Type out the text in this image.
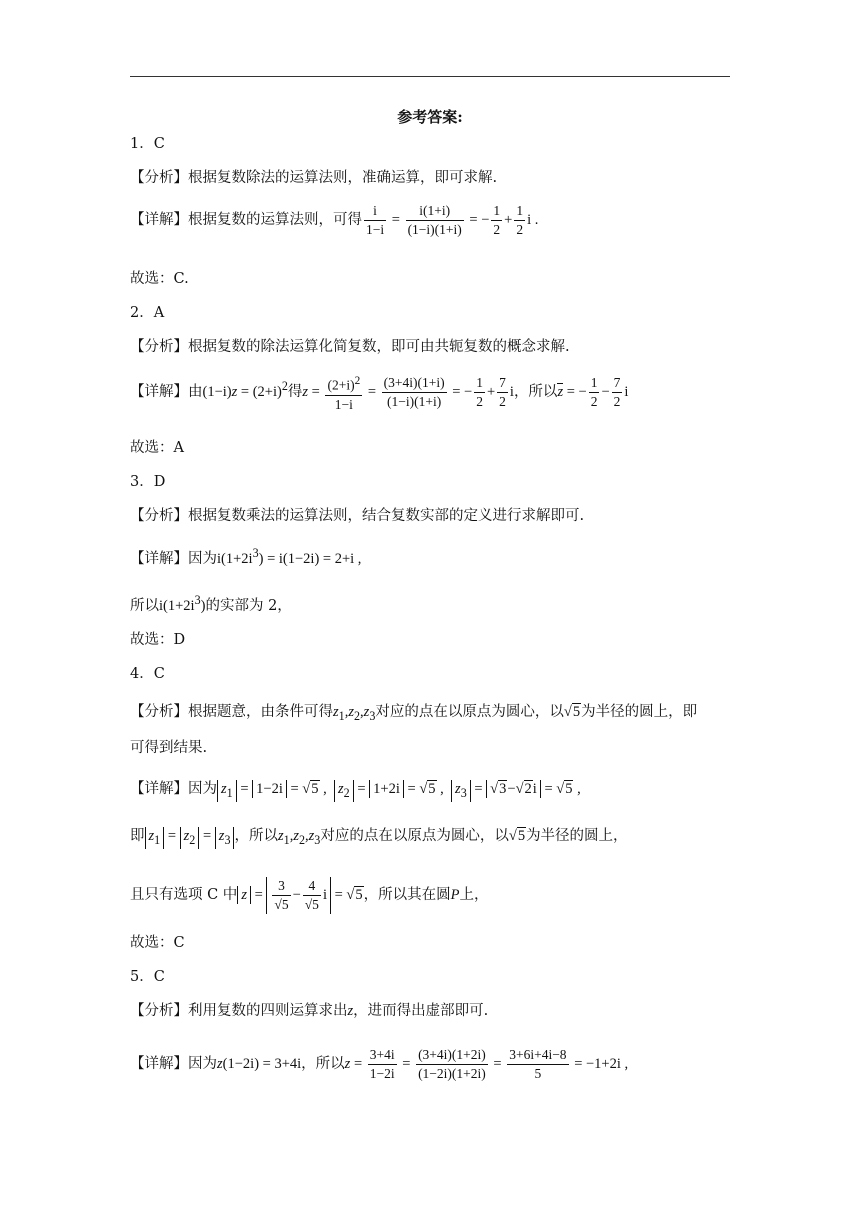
参考答案:
1．C
【分析】根据复数除法的运算法则，准确运算，即可求解.
【详解】根据复数的运算法则，可得 $\frac{i}{1-i} = \frac{i(1+i)}{(1-i)(1+i)}$ = − $\frac{1}{2} + \frac{1}{2}$ i .
故选：C.
2．A
【分析】根据复数的除法运算化简复数，即可由共轭复数的概念求解.
【详解】由$(1-i)z = (2+i)^2$得$z = \frac{(2+i)^2}{1-i} = \frac{(3+4i)(1+i)}{(1-i)(1+i)}$ = − $\frac{1}{2} + \frac{7}{2}$ i，所以z = − $\frac{1}{2} - \frac{7}{2}$ i
故选：A
3．D
【分析】根据复数乘法的运算法则，结合复数实部的定义进行求解即可.
【详解】因为$i(1+2i^3) = i(1-2i) = 2+i$ ,
所以$i(1+2i^3)$的实部为 2，
故选：D
4．C
【分析】根据题意，由条件可得$z_1,z_2,z_3$对应的点在以原点为圆心，以√5为半径的圆上，即
可得到结果.
【详解】因为 $z_1 = 1-2i = √5$ ,  $z_2 = 1+2i = √5$ ,  $z_3 = √3-√2i = √5$ ,
即 $z_1 = z_2 = z_3$ ，所以$z_1,z_2,z_3$对应的点在以原点为圆心，以√5为半径的圆上，
且只有选项 C 中 $z = \frac{3}{√5} - \frac{4}{√5}$ i = √5，所以其在圆P上，
故选：C
5．C
【分析】利用复数的四则运算求出z，进而得出虚部即可.
【详解】因为z(1−2i) = 3+4i，所以$z = \frac{3+4i}{1-2i} = \frac{(3+4i)(1+2i)}{(1-2i)(1+2i)} = \frac{3+6i+4i-8}{5} = -1+2i$ ,
